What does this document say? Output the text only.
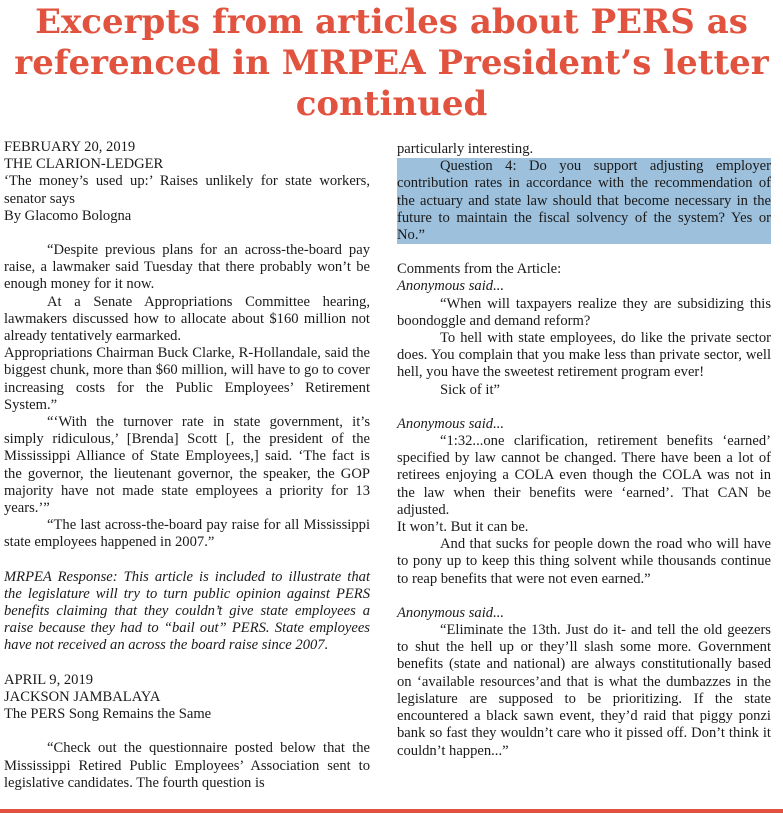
Excerpts from articles about PERS as
referenced in MRPEA President’s letter
continued

FEBRUARY 20, 2019

THE CLARION-LEDGER

‘The money’s used up:’ Raises unlikely for state workers, senator says

By Glacomo Bologna

“Despite previous plans for an across-the-board pay raise, a lawmaker said Tuesday that there probably won’t be enough money for it now.

At a Senate Appropriations Committee hearing, lawmakers discussed how to allocate about $160 million not already tentatively earmarked.

Appropriations Chairman Buck Clarke, R-Hollandale, said the biggest chunk, more than $60 million, will have to go to cover increasing costs for the Public Employees’ Retirement System.”

“‘With the turnover rate in state government, it’s simply ridiculous,’ [Brenda] Scott [, the president of the Mississippi Alliance of State Employees,] said. ‘The fact is the governor, the lieutenant governor, the speaker, the GOP majority have not made state employees a priority for 13 years.’”

“The last across-the-board pay raise for all Mississippi state employees happened in 2007.”

MRPEA Response: This article is included to illustrate that the legislature will try to turn public opinion against PERS benefits claiming that they couldn’t give state employees a raise because they had to “bail out” PERS. State employees have not received an across the board raise since 2007.

APRIL 9, 2019

JACKSON JAMBALAYA

The PERS Song Remains the Same

“Check out the questionnaire posted below that the Mississippi Retired Public Employees’ Association sent to legislative candidates. The fourth question is

particularly interesting.

Question 4: Do you support adjusting employer contribution rates in accordance with the recommendation of the actuary and state law should that become necessary in the future to maintain the fiscal solvency of the system? Yes or No.”

Comments from the Article:

Anonymous said...

“When will taxpayers realize they are subsidizing this boondoggle and demand reform?

To hell with state employees, do like the private sector does. You complain that you make less than private sector, well hell, you have the sweetest retirement program ever!

Sick of it”

Anonymous said...

“1:32...one clarification, retirement benefits ‘earned’ specified by law cannot be changed. There have been a lot of retirees enjoying a COLA even though the COLA was not in the law when their benefits were ‘earned’. That CAN be adjusted.

It won’t. But it can be.

And that sucks for people down the road who will have to pony up to keep this thing solvent while thousands continue to reap benefits that were not even earned.”

Anonymous said...

“Eliminate the 13th. Just do it- and tell the old geezers to shut the hell up or they’ll slash some more. Government benefits (state and national) are always constitutionally based on ‘available resources’and that is what the dumbazzes in the legislature are supposed to be prioritizing. If the state encountered a black sawn event, they’d raid that piggy ponzi bank so fast they wouldn’t care who it pissed off. Don’t think it couldn’t happen...”
